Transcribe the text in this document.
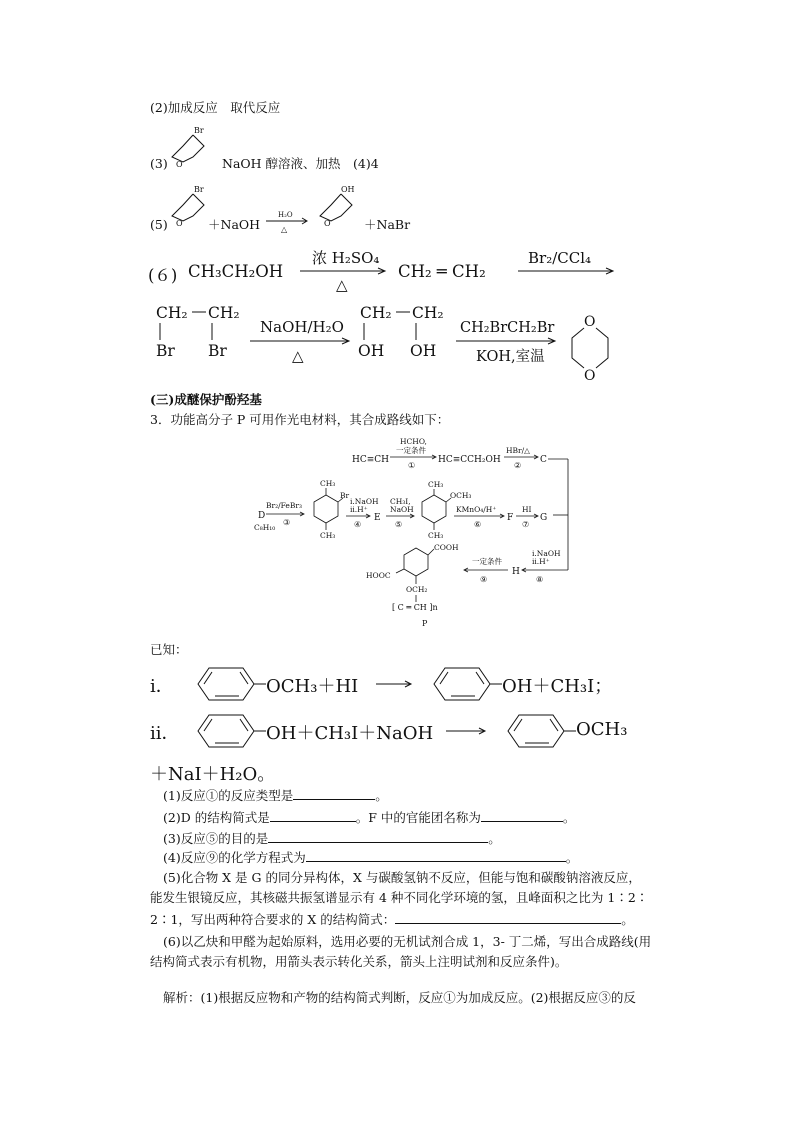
(2)加成反应　取代反应
(3)
Br
O	NaOH 醇溶液、加热　(4)4
(5)
Br
O ＋NaOH
H₂O
△
OH
O	＋NaBr
(６) CH₃CH₂OH
浓 H₂SO₄
△
CH₂ ═ CH₂
Br₂/CCl₄
CH₂ CH₂
Br Br
NaOH/H₂O
△
CH₂ CH₂
OH OH
CH₂BrCH₂Br
KOH,室温
O
O
(三)成醚保护酚羟基
3．功能高分子 P 可用作光电材料，其合成路线如下：
HC≡CH
HCHO,
一定条件
①
HC≡CCH₂OH
HBr/△
②
C
D
C₈H₁₀
Br₂/FeBr₃
③
CH₃
Br
CH₃
i.NaOH
ii.H⁺
④
E
CH₃I,
NaOH
⑤
CH₃
OCH₃
CH₃
KMnO₄/H⁺
⑥
F
HI
⑦
G
i.NaOH
ii.H⁺
⑧
H
一定条件
⑨
COOH
HOOC
OCH₂
[ C ═ CH ]n
P
已知：
ⅰ．	OCH₃＋HI	OH＋CH₃I；
ⅱ．	OH＋CH₃I＋NaOH	OCH₃
＋NaI＋H₂O。
(1)反应①的反应类型是	。
(2)D 的结构简式是	。F 中的官能团名称为	。
(3)反应⑤的目的是	。
(4)反应⑨的化学方程式为	。
(5)化合物 X 是 G 的同分异构体，X 与碳酸氢钠不反应，但能与饱和碳酸钠溶液反应，
能发生银镜反应，其核磁共振氢谱显示有 4 种不同化学环境的氢，且峰面积之比为 1∶2∶
2∶1，写出两种符合要求的 X 的结构简式：	。
(6)以乙炔和甲醛为起始原料，选用必要的无机试剂合成 1，3- 丁二烯，写出合成路线(用
结构简式表示有机物，用箭头表示转化关系，箭头上注明试剂和反应条件)。
解析：(1)根据反应物和产物的结构简式判断，反应①为加成反应。(2)根据反应③的反
